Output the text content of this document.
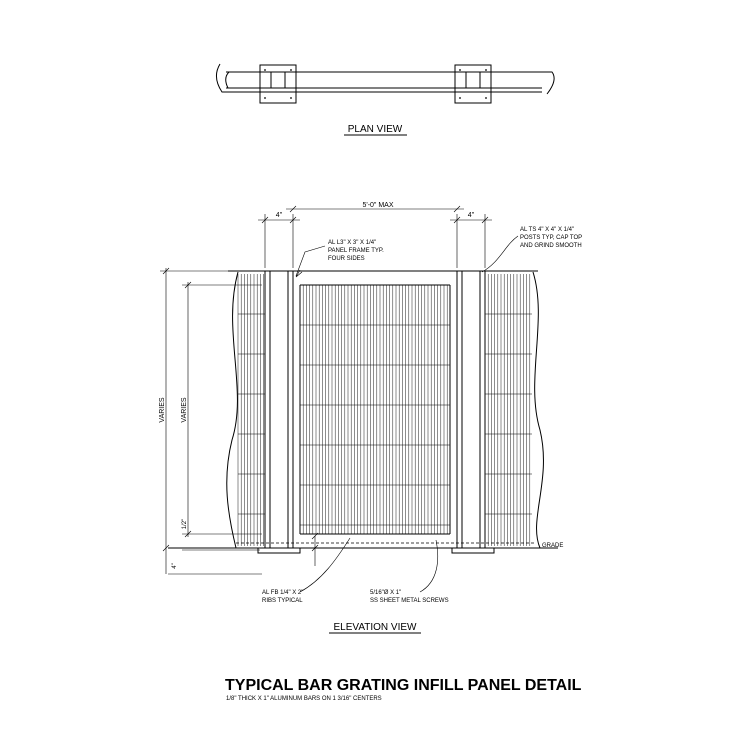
PLAN VIEW
5'-0" MAX
4"	4"
VARIES VARIES
1/2"
4"
AL L3" X 3" X 1/4"
PANEL FRAME TYP.
FOUR SIDES
AL TS 4" X 4" X 1/4"
POSTS TYP, CAP TOP
AND GRIND SMOOTH
AL FB 1/4" X 2"
RIBS TYPICAL
5/16"Ø X 1"
SS SHEET METAL SCREWS
GRADE
ELEVATION VIEW
TYPICAL BAR GRATING INFILL PANEL DETAIL
1/8" THICK X 1" ALUMINUM BARS ON 1 3/16" CENTERS
